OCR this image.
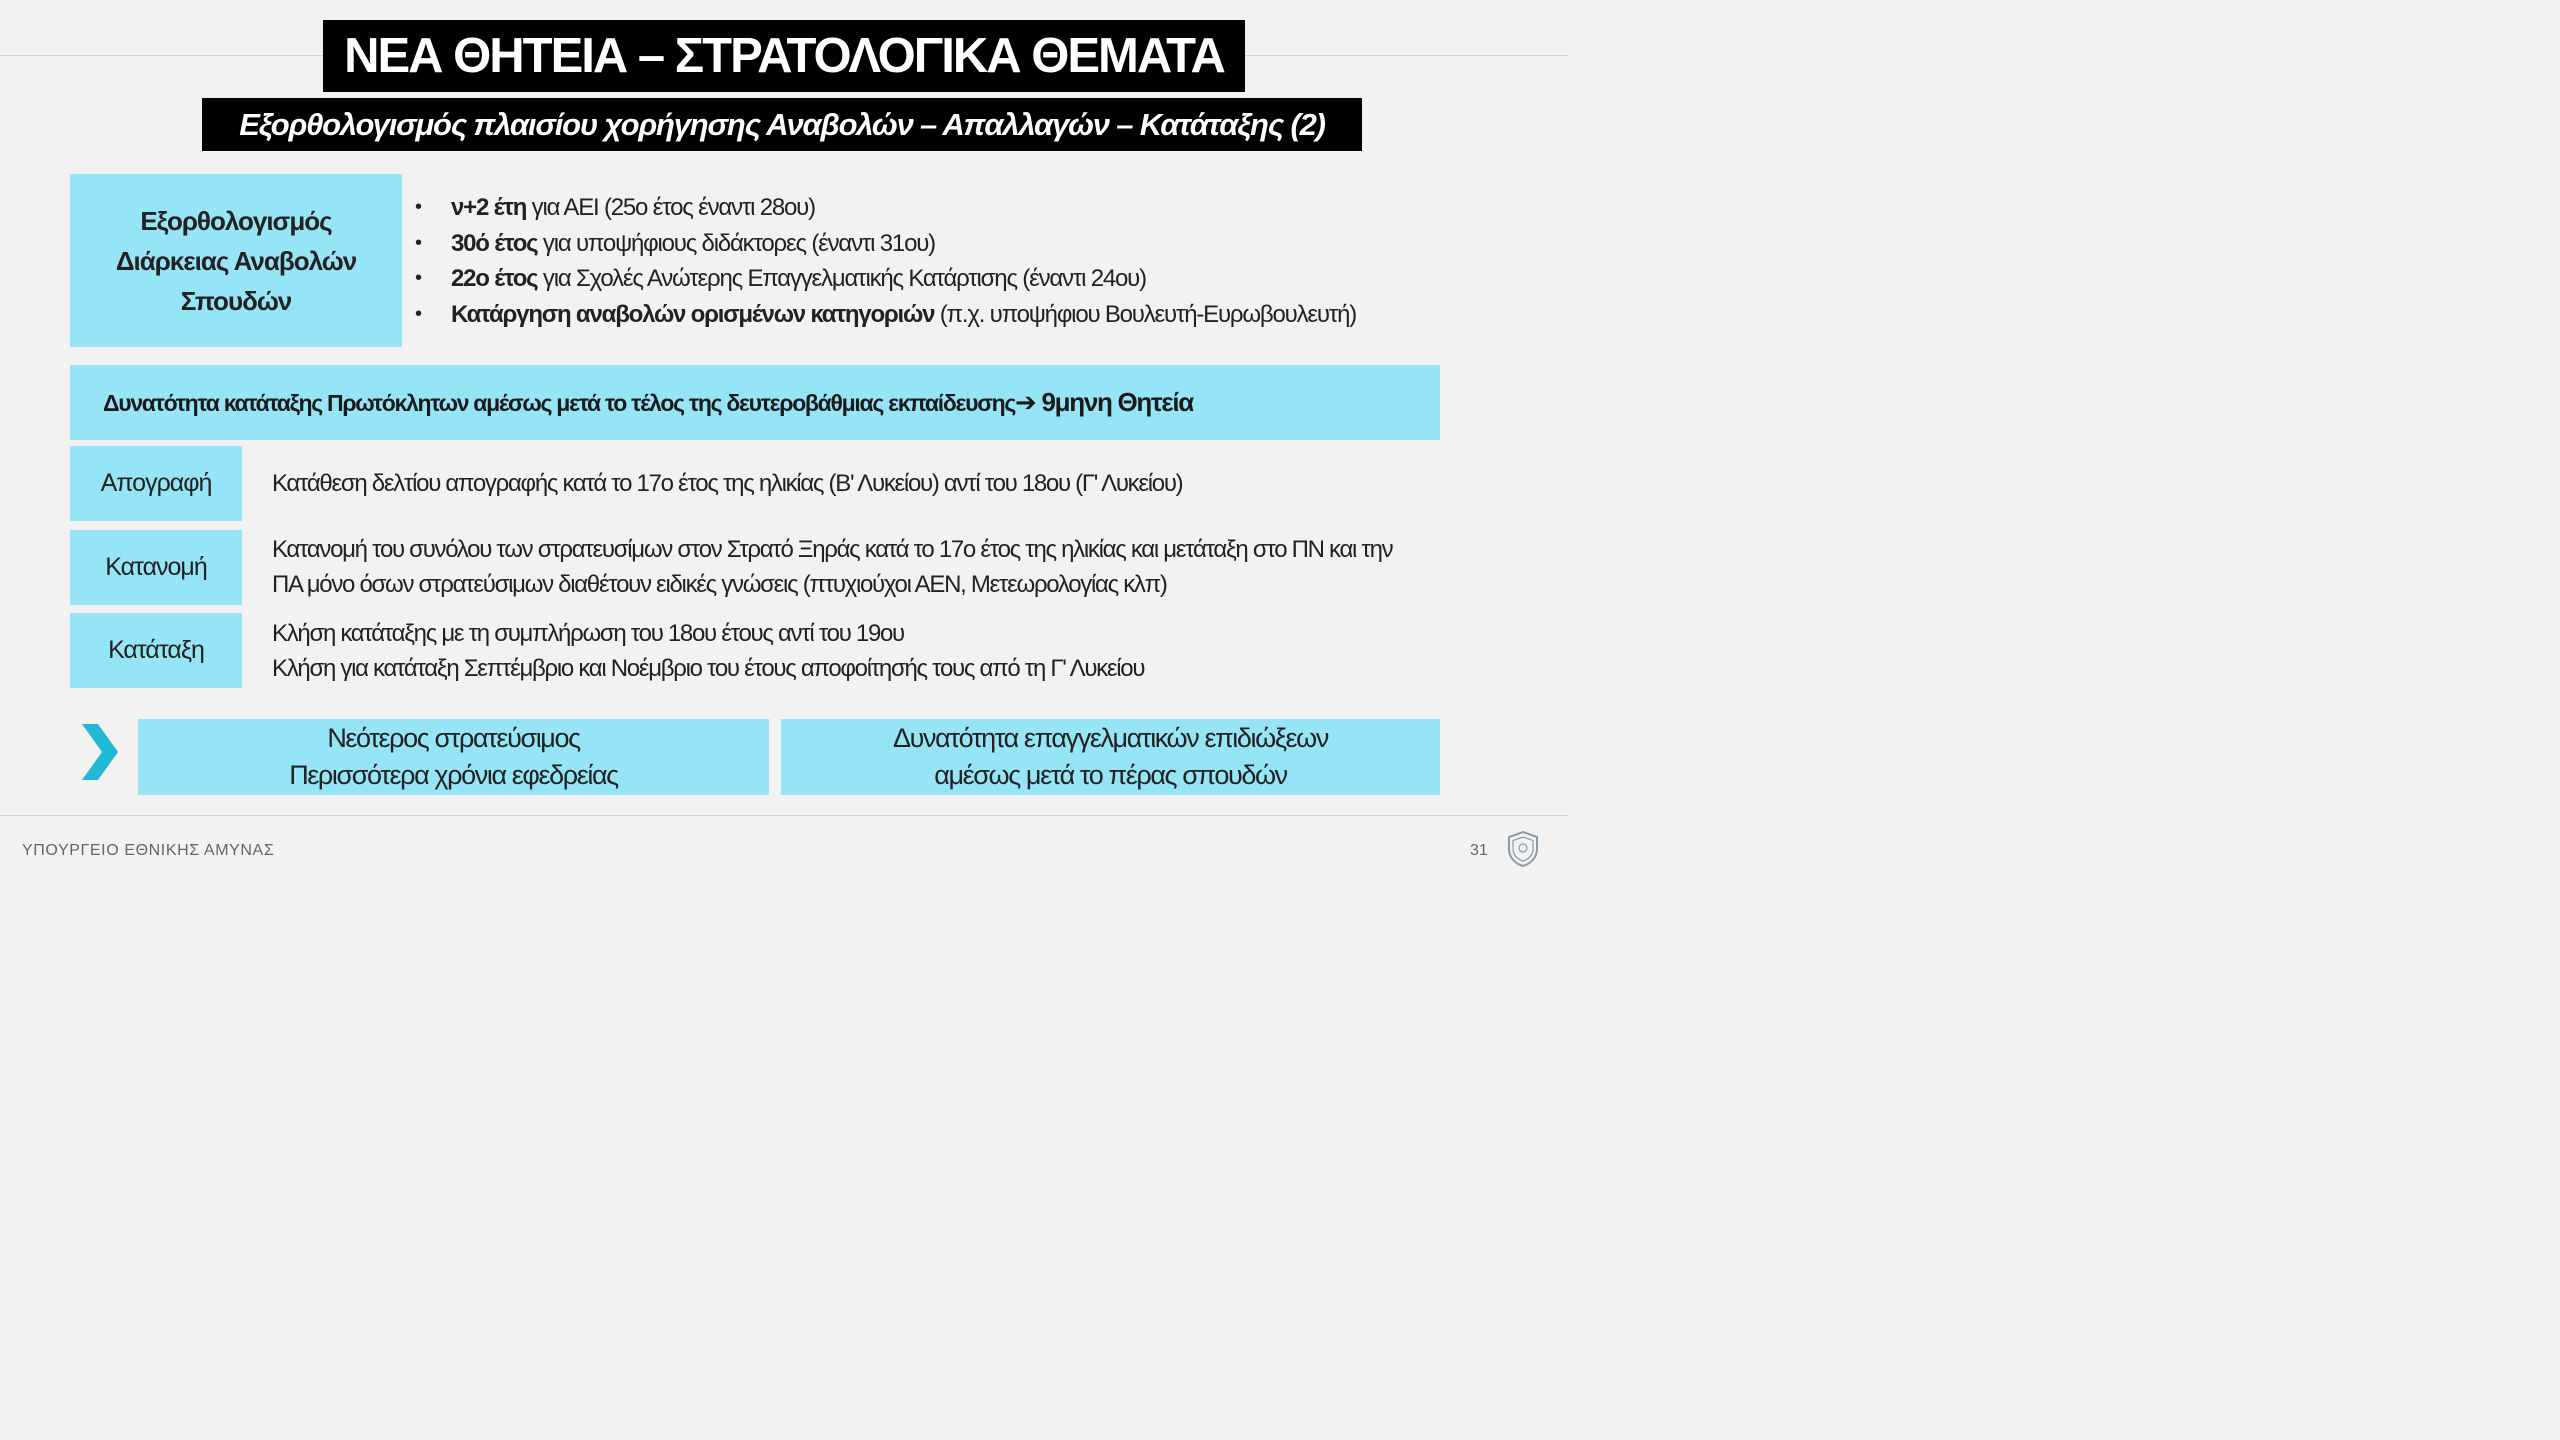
ΝΕΑ ΘΗΤΕΙΑ – ΣΤΡΑΤΟΛΟΓΙΚΑ ΘΕΜΑΤΑ
Εξορθολογισμός πλαισίου χορήγησης Αναβολών – Απαλλαγών – Κατάταξης (2)
Εξορθολογισμός
Διάρκειας Αναβολών
Σπουδών
• ν+2 έτη για ΑΕΙ (25ο έτος έναντι 28ου)
• 30ό έτος για υποψήφιους διδάκτορες (έναντι 31ου)
• 22ο έτος για Σχολές Ανώτερης Επαγγελματικής Κατάρτισης (έναντι 24ου)
• Κατάργηση αναβολών ορισμένων κατηγοριών (π.χ. υποψήφιου Βουλευτή-Ευρωβουλευτή)
Δυνατότητα κατάταξης Πρωτόκλητων αμέσως μετά το τέλος της δευτεροβάθμιας εκπαίδευσης➔ 9μηνη Θητεία
Απογραφή	Κατάθεση δελτίου απογραφής κατά το 17ο έτος της ηλικίας (Β' Λυκείου) αντί του 18ου (Γ' Λυκείου)
Κατανομή
Κατανομή του συνόλου των στρατευσίμων στον Στρατό Ξηράς κατά το 17ο έτος της ηλικίας και μετάταξη στο ΠΝ και την
ΠΑ μόνο όσων στρατεύσιμων διαθέτουν ειδικές γνώσεις (πτυχιούχοι ΑΕΝ, Μετεωρολογίας κλπ)
Κατάταξη
Κλήση κατάταξης με τη συμπλήρωση του 18ου έτους αντί του 19ου
Κλήση για κατάταξη Σεπτέμβριο και Νοέμβριο του έτους αποφοίτησής τους από τη Γ' Λυκείου
Νεότερος στρατεύσιμος
Περισσότερα χρόνια εφεδρείας
Δυνατότητα επαγγελματικών επιδιώξεων
αμέσως μετά το πέρας σπουδών
ΥΠΟΥΡΓΕΙΟ ΕΘΝΙΚΗΣ ΑΜΥΝΑΣ	31
